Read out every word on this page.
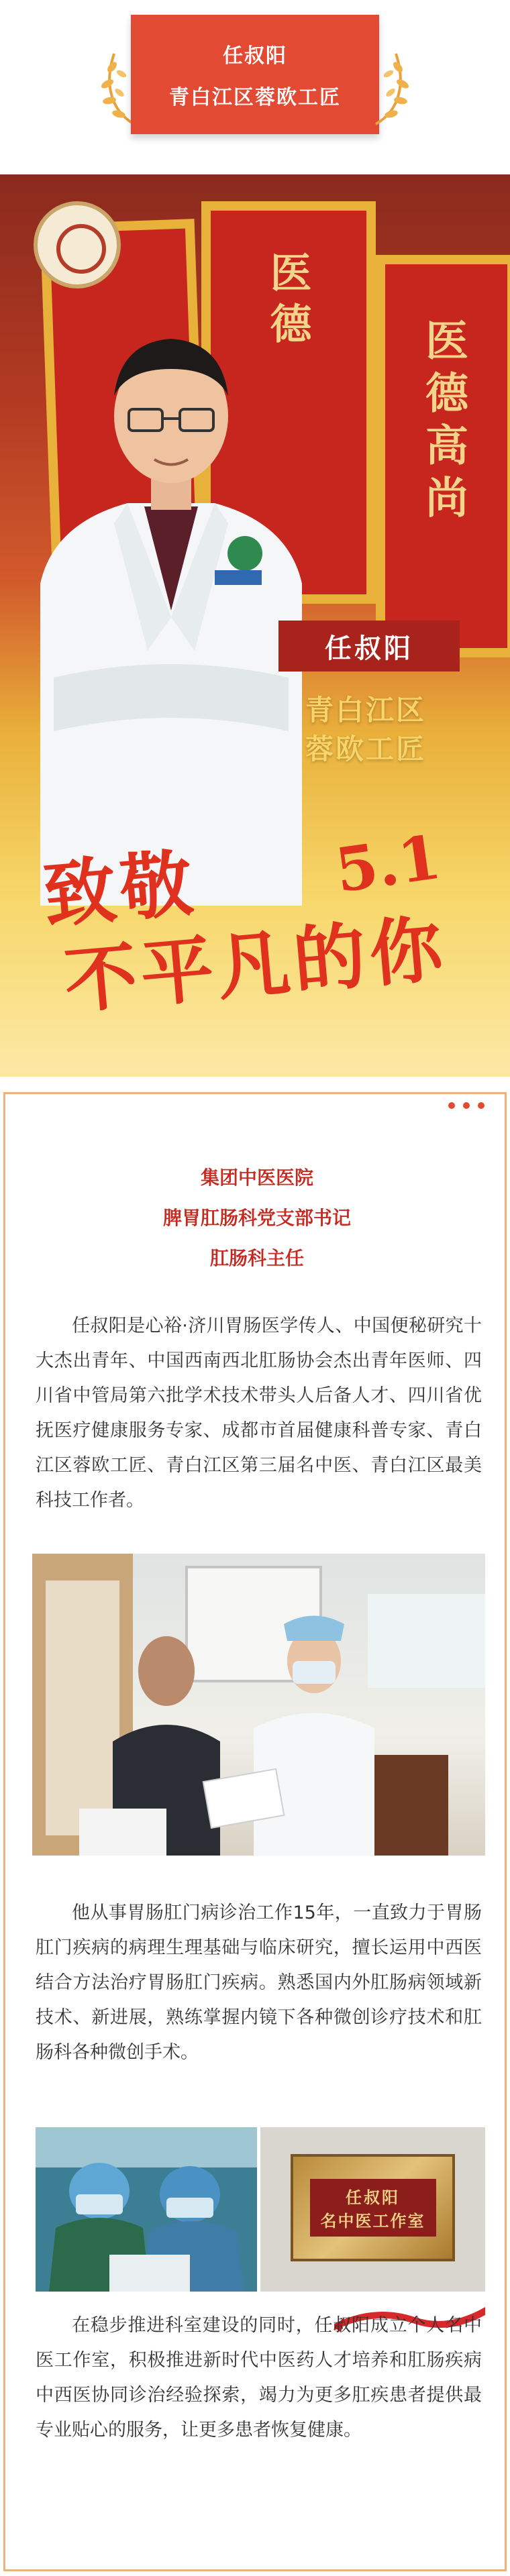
任叔阳
青白江区蓉欧工匠
医德
医德高尚
任叔阳
青白江区
蓉欧工匠
致敬
不平凡的你
5.1
集团中医医院
脾胃肛肠科党支部书记
肛肠科主任

任叔阳是心裕·济川胃肠医学传人、中国便秘研究十大杰出青年、中国西南西北肛肠协会杰出青年医师、四川省中管局第六批学术技术带头人后备人才、四川省优抚医疗健康服务专家、成都市首届健康科普专家、青白江区蓉欧工匠、青白江区第三届名中医、青白江区最美科技工作者。

他从事胃肠肛门病诊治工作15年，一直致力于胃肠肛门疾病的病理生理基础与临床研究，擅长运用中西医结合方法治疗胃肠肛门疾病。熟悉国内外肛肠病领域新技术、新进展，熟练掌握内镜下各种微创诊疗技术和肛肠科各种微创手术。

任叔阳
名中医工作室

在稳步推进科室建设的同时，任叔阳成立个人名中医工作室，积极推进新时代中医药人才培养和肛肠疾病中西医协同诊治经验探索，竭力为更多肛疾患者提供最专业贴心的服务，让更多患者恢复健康。
